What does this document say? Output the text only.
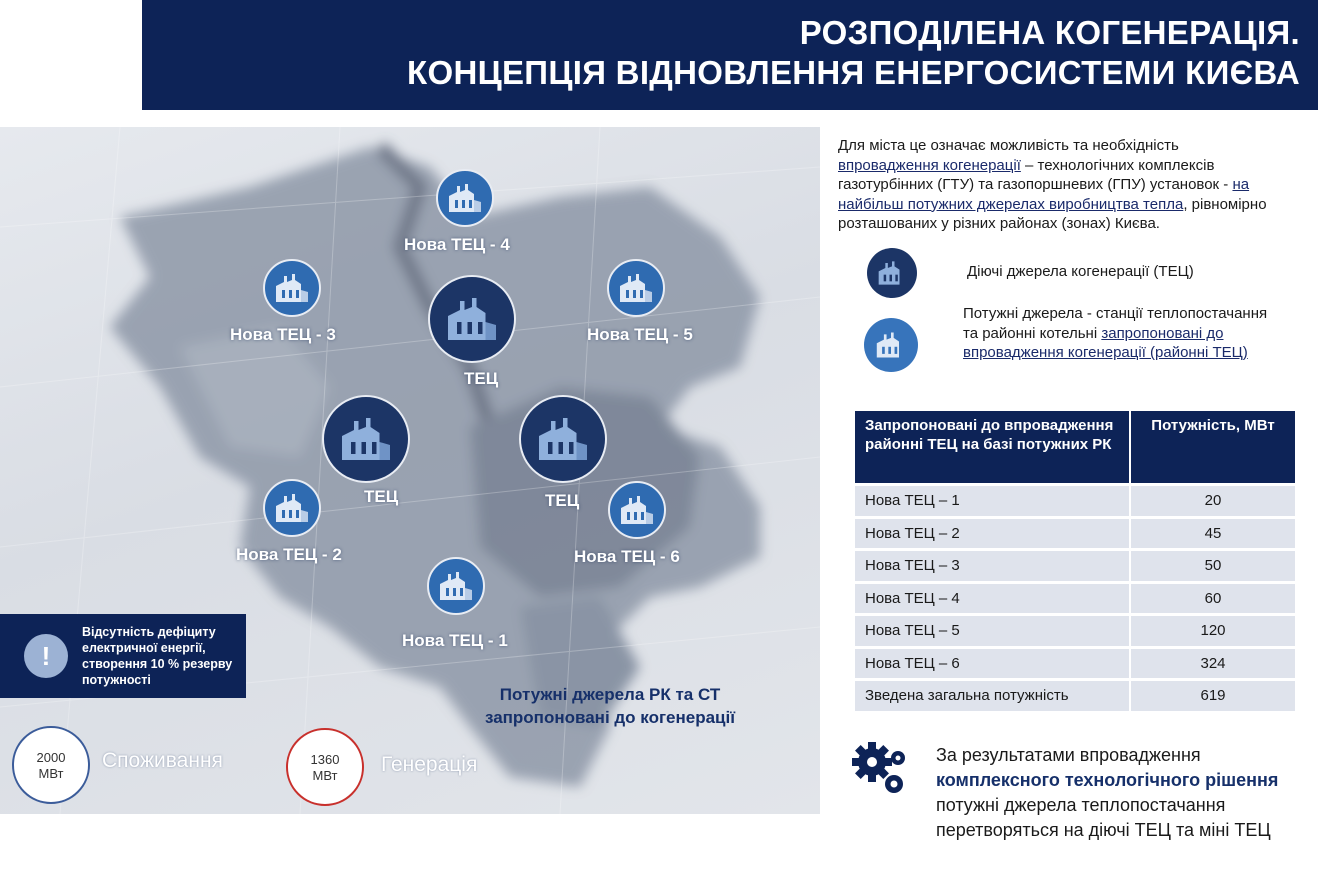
РОЗПОДІЛЕНА КОГЕНЕРАЦІЯ.
КОНЦЕПЦІЯ ВІДНОВЛЕННЯ ЕНЕРГОСИСТЕМИ КИЄВА
Нова ТЕЦ - 4
Нова ТЕЦ - 3	Нова ТЕЦ - 5
ТЕЦ
ТЕЦ	ТЕЦ
Нова ТЕЦ - 2	Нова ТЕЦ - 6
Нова ТЕЦ - 1
!
Відсутність дефіциту електричної енергії, створення 10 % резерву потужності
Потужні джерела РК та СТ
запропоновані до когенерації
2000
МВт
Споживання	1360
МВт	Генерація
Для міста це означає можливість та необхідність
впровадження когенерації – технологічних комплексів газотурбінних (ГТУ) та газопоршневих (ГПУ) установок - на найбільш потужних джерелах виробництва тепла, рівномірно розташованих у різних районах (зонах) Києва.
Діючі джерела когенерації (ТЕЦ)
Потужні джерела - станції теплопостачання та районні котельні запропоновані до впровадження когенерації (районні ТЕЦ)
Запропоновані до впровадження районні ТЕЦ на базі потужних РК	Потужність, МВт
Нова ТЕЦ – 1	20
Нова ТЕЦ – 2	45
Нова ТЕЦ – 3	50
Нова ТЕЦ – 4	60
Нова ТЕЦ – 5	120
Нова ТЕЦ – 6	324
Зведена загальна потужність	619
За результатами впровадження
комплексного технологічного рішення потужні джерела теплопостачання перетворяться на діючі ТЕЦ та міні ТЕЦ
